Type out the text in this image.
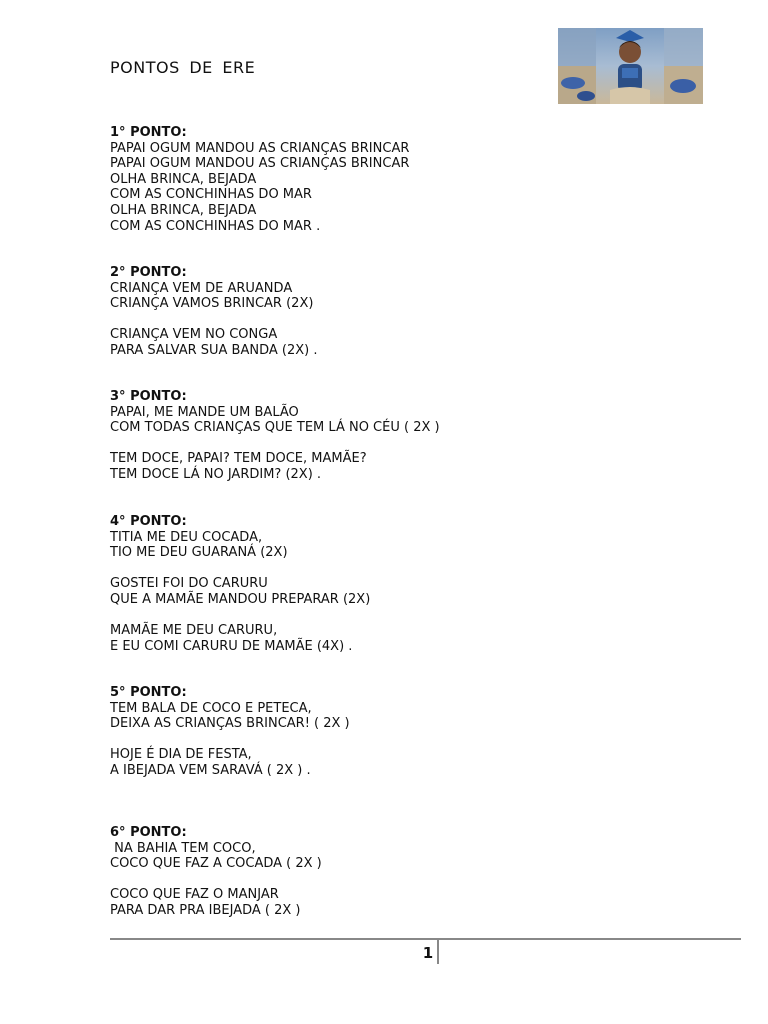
PONTOS DE ERE
1° PONTO:
PAPAI OGUM MANDOU AS CRIANÇAS BRINCAR
PAPAI OGUM MANDOU AS CRIANÇAS BRINCAR
OLHA BRINCA, BEJADA
COM AS CONCHINHAS DO MAR
OLHA BRINCA, BEJADA
COM AS CONCHINHAS DO MAR .
2° PONTO:
CRIANÇA VEM DE ARUANDA
CRIANÇA VAMOS BRINCAR (2X)
CRIANÇA VEM NO CONGA
PARA SALVAR SUA BANDA (2X) .
3° PONTO:
PAPAI, ME MANDE UM BALÃO
COM TODAS CRIANÇAS QUE TEM LÁ NO CÉU ( 2X )
TEM DOCE, PAPAI? TEM DOCE, MAMÃE?
TEM DOCE LÁ NO JARDIM? (2X) .
4° PONTO:
TITIA ME DEU COCADA,
TIO ME DEU GUARANÁ (2X)
GOSTEI FOI DO CARURU
QUE A MAMÃE MANDOU PREPARAR (2X)
MAMÃE ME DEU CARURU,
E EU COMI CARURU DE MAMÃE (4X) .
5° PONTO:
TEM BALA DE COCO E PETECA,
DEIXA AS CRIANÇAS BRINCAR! ( 2X )
HOJE É DIA DE FESTA,
A IBEJADA VEM SARAVÁ ( 2X ) .
6° PONTO:
NA BAHIA TEM COCO,
COCO QUE FAZ A COCADA ( 2X )
COCO QUE FAZ O MANJAR
PARA DAR PRA IBEJADA ( 2X )
1
